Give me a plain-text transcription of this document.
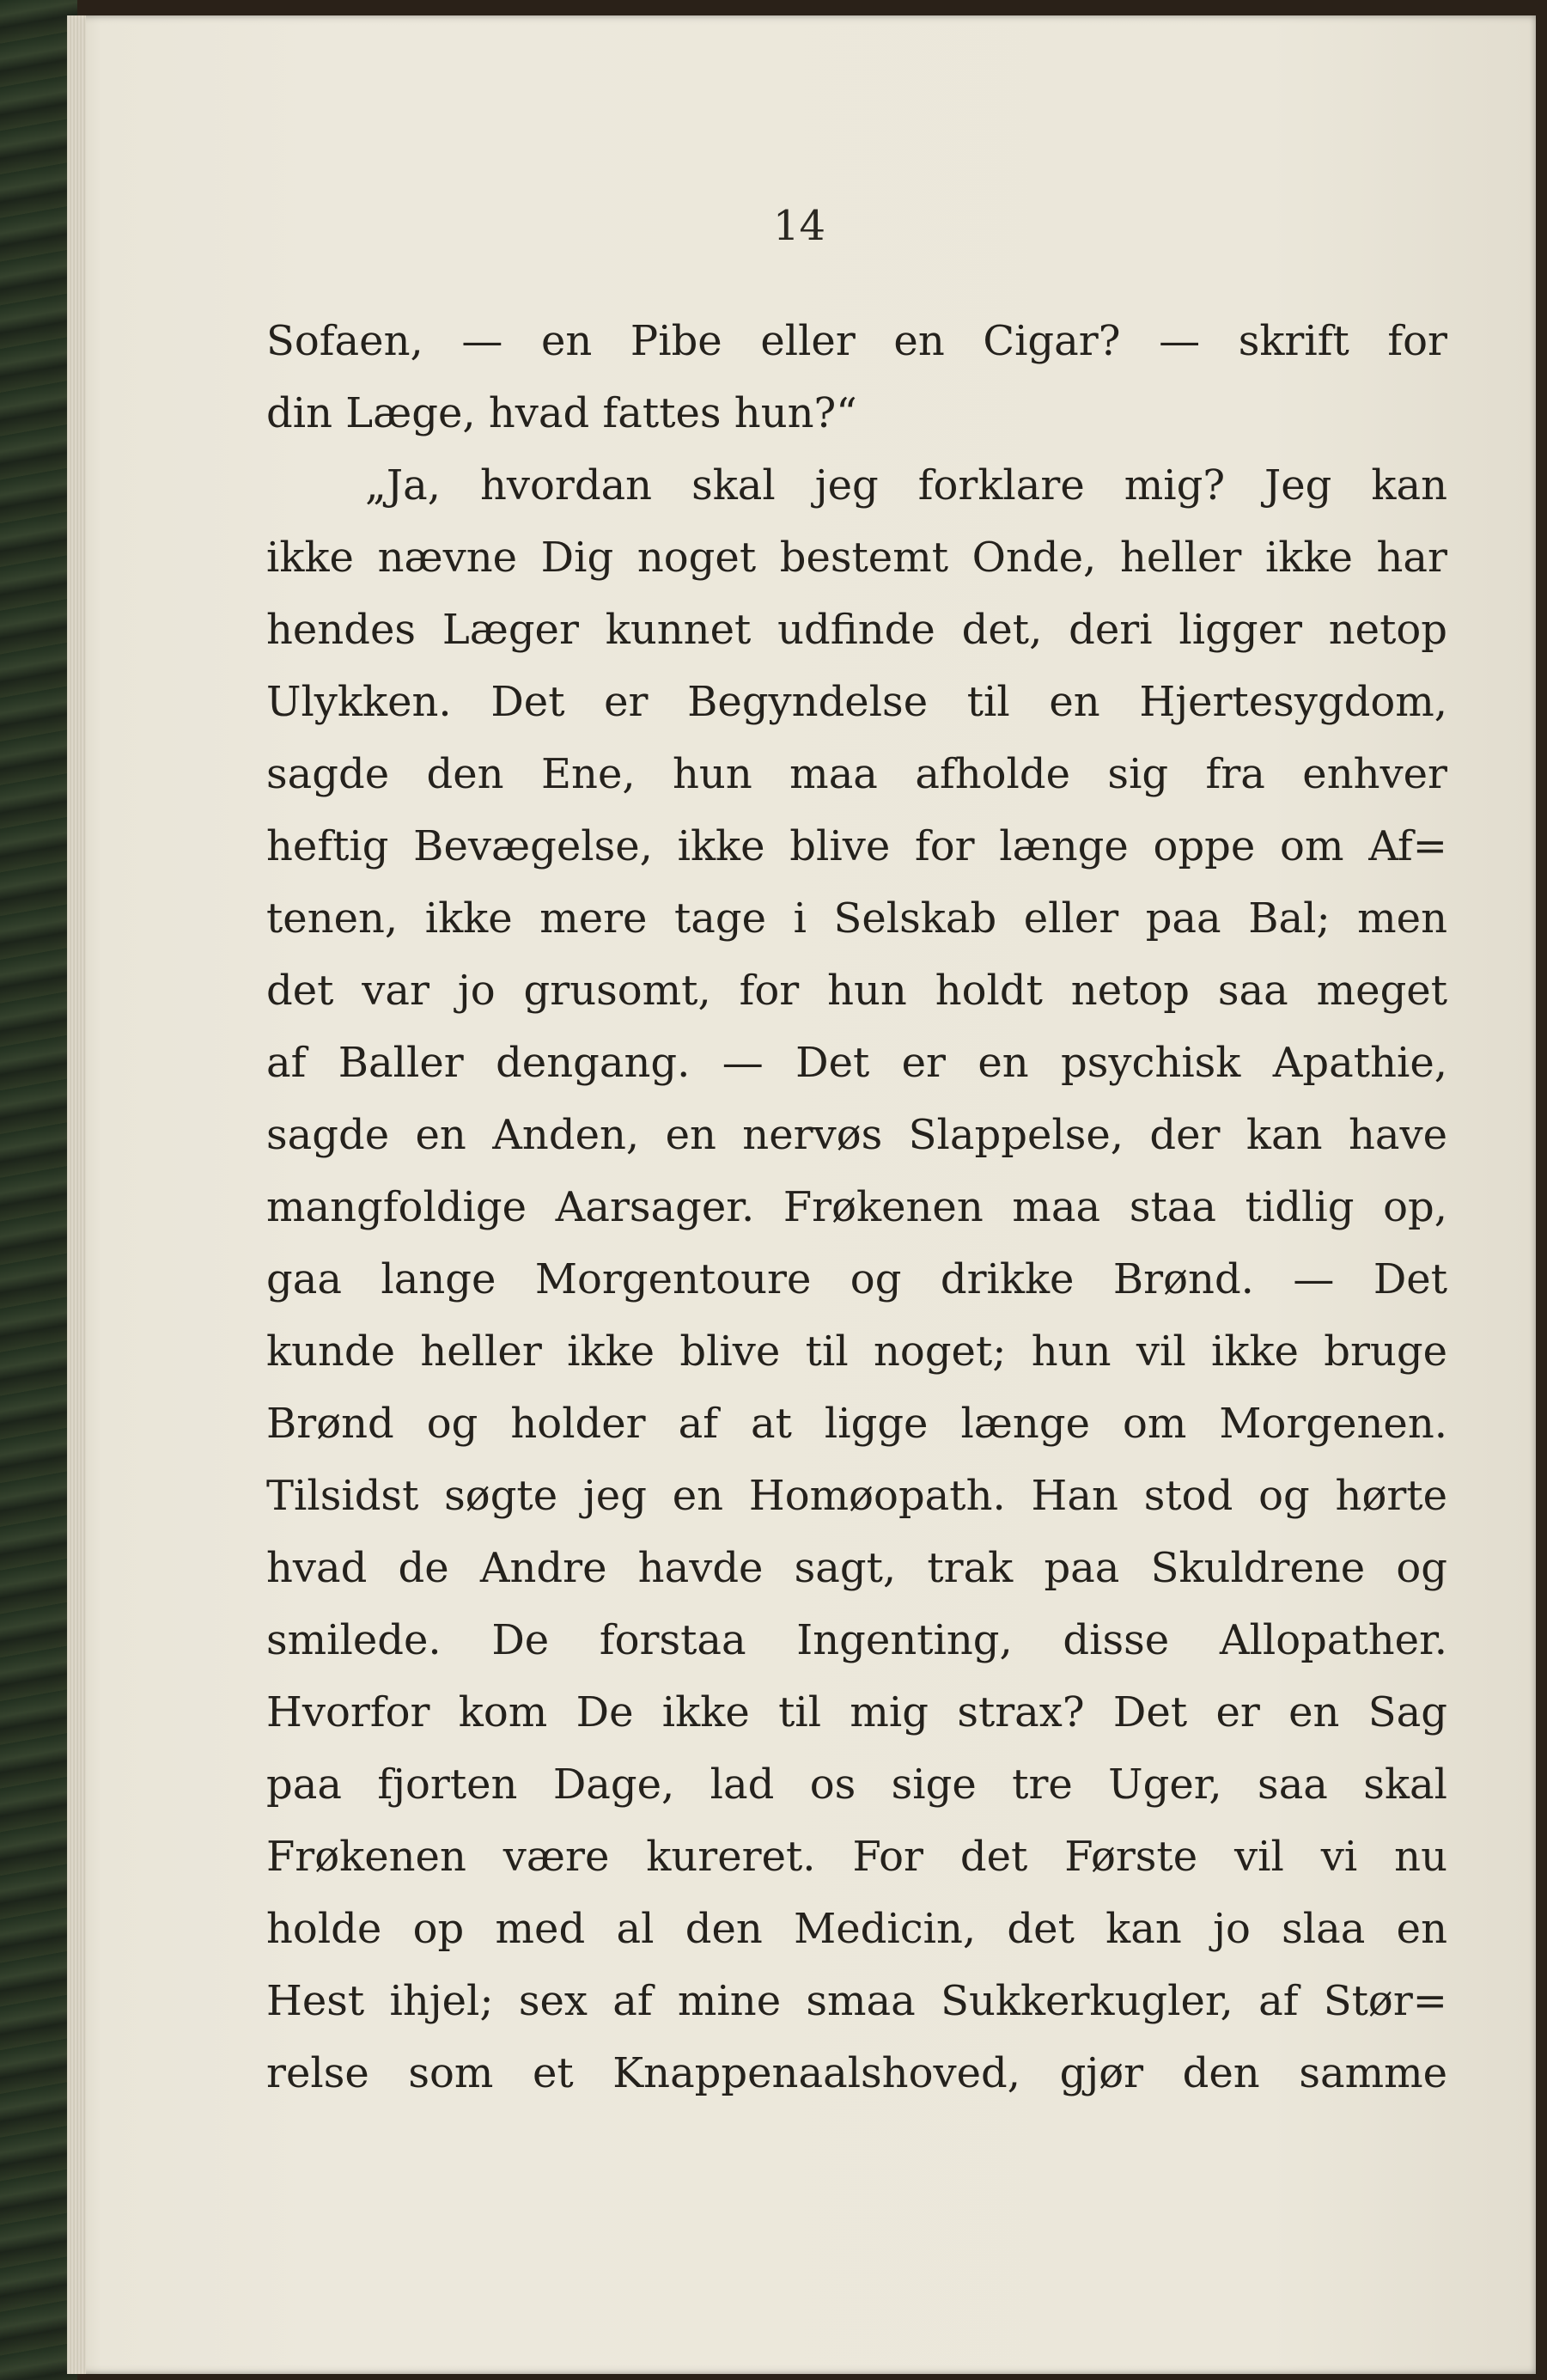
14
Sofaen, — en Pibe eller en Cigar? — skrift for
din Læge, hvad fattes hun?“
„Ja, hvordan skal jeg forklare mig? Jeg kan
ikke nævne Dig noget bestemt Onde, heller ikke har
hendes Læger kunnet udfinde det, deri ligger netop
Ulykken. Det er Begyndelse til en Hjertesygdom,
sagde den Ene, hun maa afholde sig fra enhver
heftig Bevægelse, ikke blive for længe oppe om Af=
tenen, ikke mere tage i Selskab eller paa Bal; men
det var jo grusomt, for hun holdt netop saa meget
af Baller dengang. — Det er en psychisk Apathie,
sagde en Anden, en nervøs Slappelse, der kan have
mangfoldige Aarsager. Frøkenen maa staa tidlig op,
gaa lange Morgentoure og drikke Brønd. — Det
kunde heller ikke blive til noget; hun vil ikke bruge
Brønd og holder af at ligge længe om Morgenen.
Tilsidst søgte jeg en Homøopath. Han stod og hørte
hvad de Andre havde sagt, trak paa Skuldrene og
smilede. De forstaa Ingenting, disse Allopather.
Hvorfor kom De ikke til mig strax? Det er en Sag
paa fjorten Dage, lad os sige tre Uger, saa skal
Frøkenen være kureret. For det Første vil vi nu
holde op med al den Medicin, det kan jo slaa en
Hest ihjel; sex af mine smaa Sukkerkugler, af Stør=
relse som et Knappenaalshoved, gjør den samme
